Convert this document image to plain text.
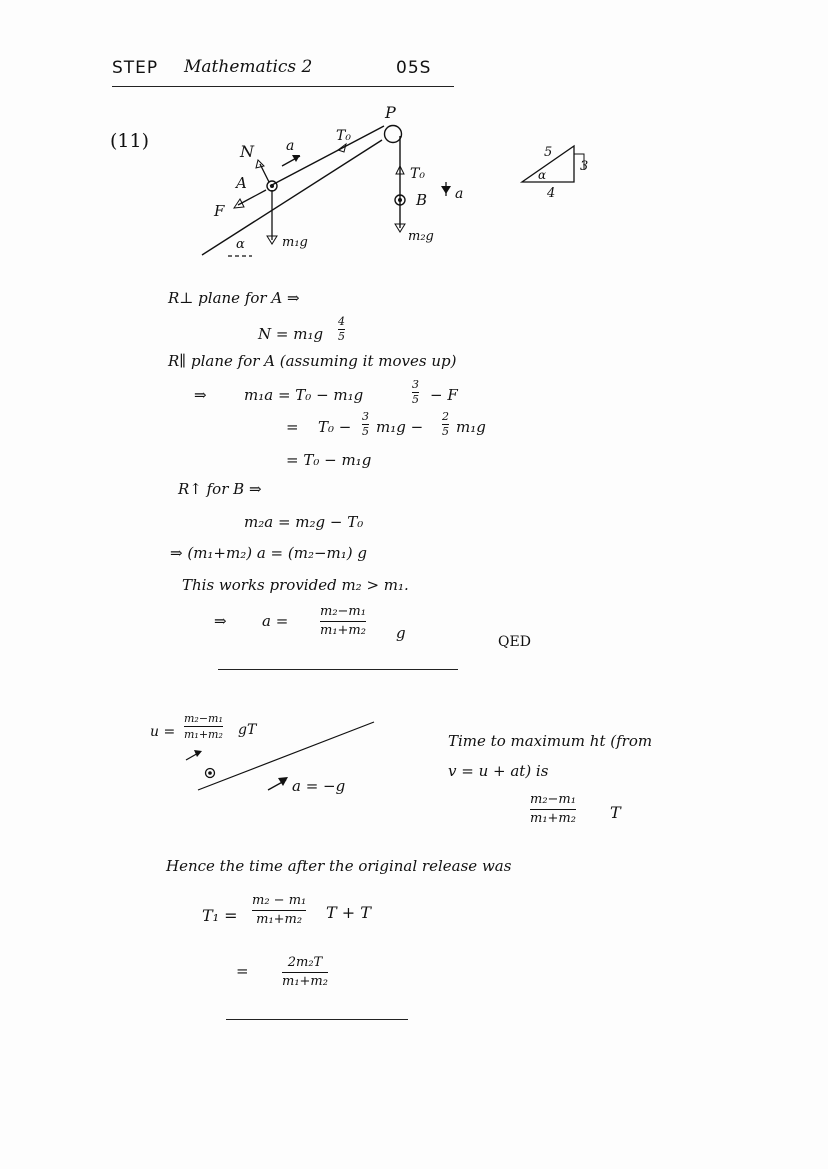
STEP Mathematics 2	05S
(11)
P
N a
T₀
A
F
m₁g
α
T₀
B a
m₂g
5
3
4
α
R⊥ plane for A ⇒
N = m₁g
4
5
R∥ plane for A (assuming it moves up)
⇒ m₁a = T₀ − m₁g
3
5 − F
= T₀ −
3
5 m₁g −
2
5 m₁g
= T₀ − m₁g
R↑ for B ⇒
m₂a = m₂g − T₀
⇒ (m₁+m₂) a = (m₂−m₁) g
This works provided m₂ > m₁.
⇒ a =
m₂−m₁
m₁+m₂ g	QED
u =
m₂−m₁
m₁+m₂ gT
a = −g
Time to maximum ht (from
v = u + at) is
m₂−m₁
m₁+m₂ T
Hence the time after the original release was
T₁ =
m₂ − m₁
m₁+m₂ T + T
=	2m₂T
m₁+m₂
